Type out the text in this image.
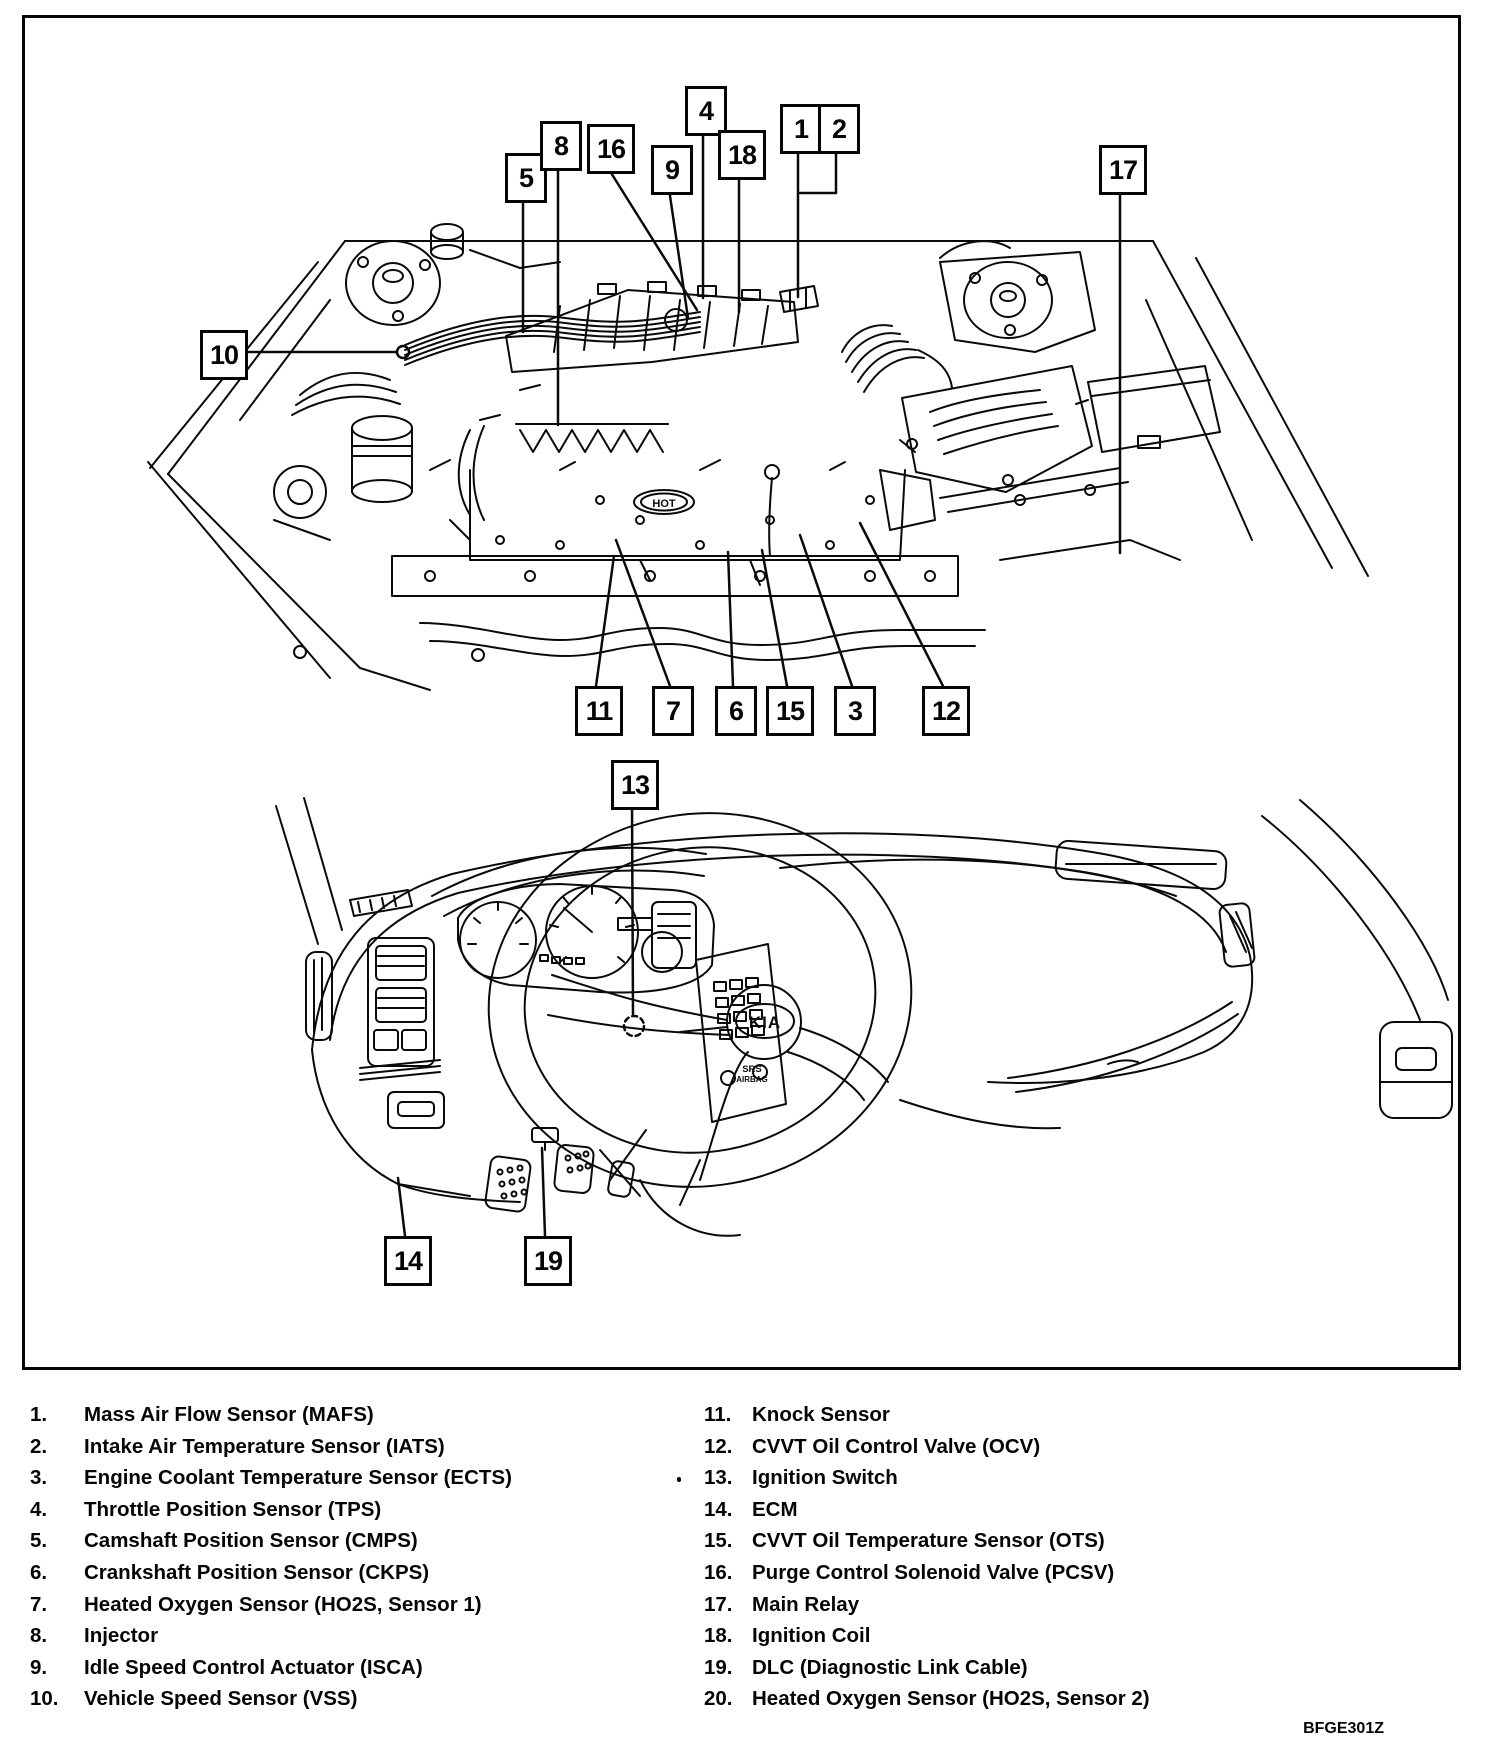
HOT
KIA
SRS
AIRBAG
5
8	16
9
4
18
1 2
17
10
11	7	6	15	3	12
13
14	19
1.	Mass Air Flow Sensor (MAFS)
2.	Intake Air Temperature Sensor (IATS)
3.	Engine Coolant Temperature Sensor (ECTS)
4.	Throttle Position Sensor (TPS)
5.	Camshaft Position Sensor (CMPS)
6.	Crankshaft Position Sensor (CKPS)
7.	Heated Oxygen Sensor (HO2S, Sensor 1)
8.	Injector
9.	Idle Speed Control Actuator (ISCA)
10.	Vehicle Speed Sensor (VSS)
11.	Knock Sensor
12. CVVT Oil Control Valve (OCV)
13. Ignition Switch
14. ECM
15. CVVT Oil Temperature Sensor (OTS)
16. Purge Control Solenoid Valve (PCSV)
17. Main Relay
18. Ignition Coil
19. DLC (Diagnostic Link Cable)
20. Heated Oxygen Sensor (HO2S, Sensor 2)
BFGE301Z
